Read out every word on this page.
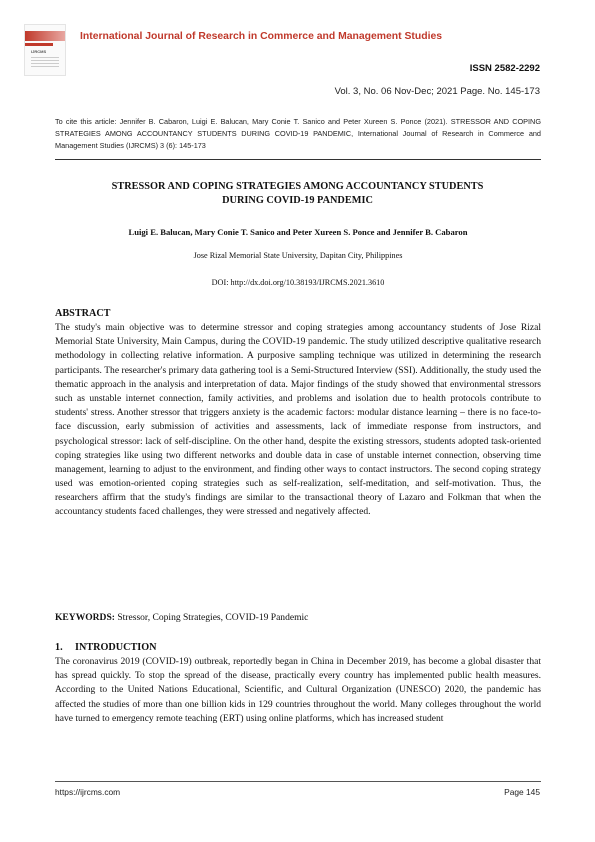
IJRCMS
International Journal of Research in Commerce and Management Studies
ISSN 2582-2292
Vol. 3, No. 06 Nov-Dec; 2021 Page. No. 145-173
To cite this article: Jennifer B. Cabaron, Luigi E. Balucan, Mary Conie T. Sanico and Peter Xureen S. Ponce (2021). STRESSOR AND COPING STRATEGIES AMONG ACCOUNTANCY STUDENTS DURING COVID-19 PANDEMIC, International Journal of Research in Commerce and Management Studies (IJRCMS) 3 (6): 145-173
STRESSOR AND COPING STRATEGIES AMONG ACCOUNTANCY STUDENTS
DURING COVID-19 PANDEMIC
Luigi E. Balucan, Mary Conie T. Sanico and Peter Xureen S. Ponce and Jennifer B. Cabaron
Jose Rizal Memorial State University, Dapitan City, Philippines
DOI: http://dx.doi.org/10.38193/IJRCMS.2021.3610
ABSTRACT
The study's main objective was to determine stressor and coping strategies among accountancy students of Jose Rizal Memorial State University, Main Campus, during the COVID-19 pandemic. The study utilized descriptive qualitative research methodology in collecting relative information. A purposive sampling technique was utilized in determining the research participants. The researcher's primary data gathering tool is a Semi-Structured Interview (SSI). Additionally, the study used the thematic approach in the analysis and interpretation of data. Major findings of the study showed that environmental stressors such as unstable internet connection, family activities, and problems and isolation due to health protocols contribute to students' stress. Another stressor that triggers anxiety is the academic factors: modular distance learning – there is no face-to-face discussion, early submission of activities and assessments, lack of immediate response from instructors, and psychological stressor: lack of self-discipline. On the other hand, despite the existing stressors, students adopted task-oriented coping strategies like using two different networks and double data in case of unstable internet connection, observing time management, learning to adjust to the environment, and finding other ways to contact instructors. The second coping strategy used was emotion-oriented coping strategies such as self-realization, self-meditation, and self-motivation. Thus, the researchers affirm that the study's findings are similar to the transactional theory of Lazaro and Folkman that when the accountancy students faced challenges, they were stressed and negatively affected.
KEYWORDS: Stressor, Coping Strategies, COVID-19 Pandemic
1. INTRODUCTION
The coronavirus 2019 (COVID-19) outbreak, reportedly began in China in December 2019, has become a global disaster that has spread quickly. To stop the spread of the disease, practically every country has implemented public health measures. According to the United Nations Educational, Scientific, and Cultural Organization (UNESCO) 2020, the pandemic has affected the studies of more than one billion kids in 129 countries throughout the world. Many colleges throughout the world have turned to emergency remote teaching (ERT) using online platforms, which has increased student
https://ijrcms.com	Page 145
